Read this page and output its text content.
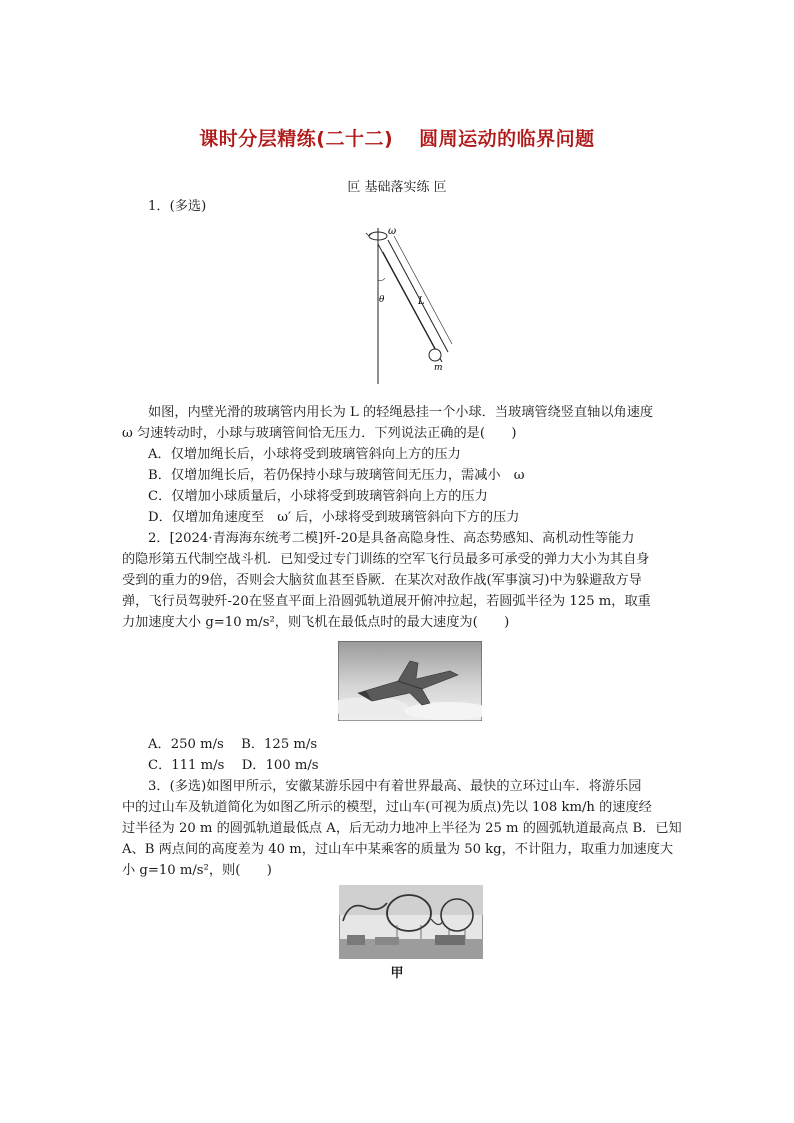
课时分层精练(二十二) 圆周运动的临界问题
叵 基础落实练 叵
1．(多选)
ω
L
θ
m
如图，内壁光滑的玻璃管内用长为 L 的轻绳悬挂一个小球．当玻璃管绕竖直轴以角速度
ω 匀速转动时，小球与玻璃管间恰无压力．下列说法正确的是(　　)
A．仅增加绳长后，小球将受到玻璃管斜向上方的压力
B．仅增加绳长后，若仍保持小球与玻璃管间无压力，需减小　ω
C．仅增加小球质量后，小球将受到玻璃管斜向上方的压力
D．仅增加角速度至　ω′ 后，小球将受到玻璃管斜向下方的压力
2．[2024·青海海东统考二模]歼-20是具备高隐身性、高态势感知、高机动性等能力
的隐形第五代制空战斗机．已知受过专门训练的空军飞行员最多可承受的弹力大小为其自身
受到的重力的9倍，否则会大脑贫血甚至昏厥．在某次对敌作战(军事演习)中为躲避敌方导
弹，飞行员驾驶歼-20在竖直平面上沿圆弧轨道展开俯冲拉起，若圆弧半径为 125 m，取重
力加速度大小 g=10 m/s²，则飞机在最低点时的最大速度为(　　)
A．250 m/s　 B．125 m/s
C．111 m/s　 D．100 m/s
3．(多选)如图甲所示，安徽某游乐园中有着世界最高、最快的立环过山车．将游乐园
中的过山车及轨道简化为如图乙所示的模型，过山车(可视为质点)先以 108 km/h 的速度经
过半径为 20 m 的圆弧轨道最低点 A，后无动力地冲上半径为 25 m 的圆弧轨道最高点 B．已知
A、B 两点间的高度差为 40 m，过山车中某乘客的质量为 50 kg，不计阻力，取重力加速度大
小 g=10 m/s²，则(　　)
甲
